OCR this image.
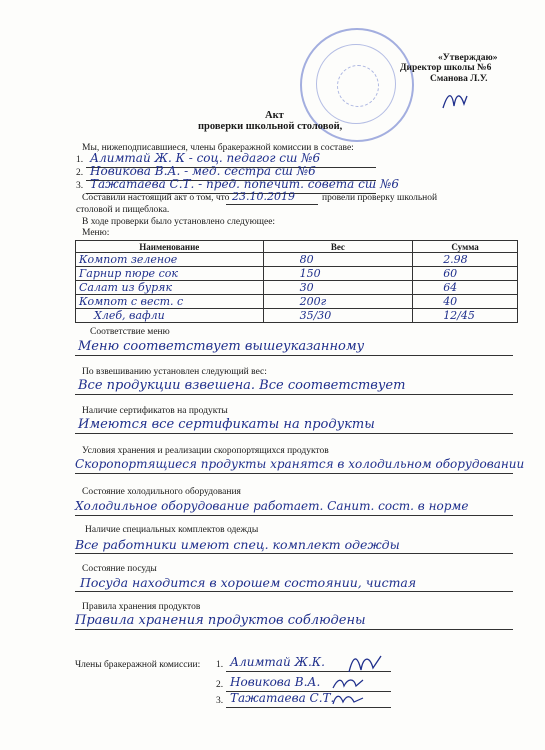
«Утверждаю»
Директор школы №6
Сманова Л.У.
Акт
проверки школьной столовой,
Мы, нижеподписавшиеся, члены бракеражной комиссии в составе:
1. Алимтай Ж. К - соц. педагог сш №6
2. Новикова В.А. - мед. сестра сш №6
3. Тажатаева С.Т. - пред. попечит. совета сш №6
Составили настоящий акт о том, что 23.10.2019	провели проверку школьной
столовой и пищеблока.
В ходе проверки было установлено следующее:
Меню:
Наименование	Вес	Сумма
Компот зеленое	80	2.98
Гарнир пюре сок	150	60
Салат из буряк	30	64
Компот с вест. с	200г	40
Хлеб, вафли	35/30	12/45
Соответствие меню
Меню соответствует вышеуказанному
По взвешиванию установлен следующий вес:
Все продукции взвешена. Все соответствует
Наличие сертификатов на продукты
Имеются все сертификаты на продукты
Условия хранения и реализации скоропортящихся продуктов
Скоропортящиеся продукты хранятся в холодильном оборудовании
Состояние холодильного оборудования
Холодильное оборудование работает. Санит. сост. в норме
Наличие специальных комплектов одежды
Все работники имеют спец. комплект одежды
Состояние посуды
Посуда находится в хорошем состоянии, чистая
Правила хранения продуктов
Правила хранения продуктов соблюдены
Члены бракеражной комиссии: 1. Алимтай Ж.К.
2. Новикова В.А.
3. Тажатаева С.Т.
